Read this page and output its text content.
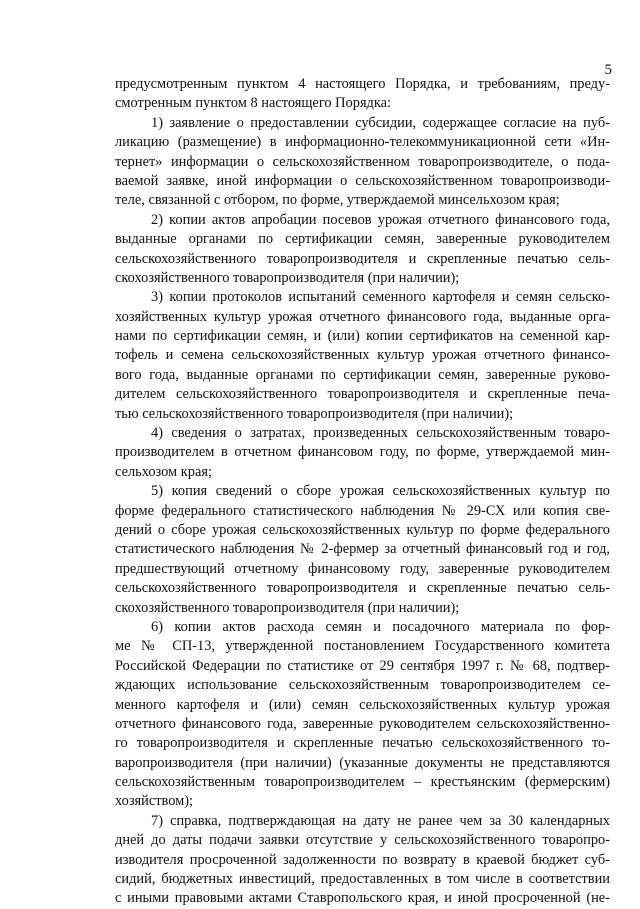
5
предусмотренным пунктом 4 настоящего Порядка, и требованиям, преду-
смотренным пунктом 8 настоящего Порядка:
1) заявление о предоставлении субсидии, содержащее согласие на пуб-
ликацию (размещение) в информационно-телекоммуникационной сети «Ин-
тернет» информации о сельскохозяйственном товаропроизводителе, о пода-
ваемой заявке, иной информации о сельскохозяйственном товаропроизводи-
теле, связанной с отбором, по форме, утверждаемой минсельхозом края;
2) копии актов апробации посевов урожая отчетного финансового года,
выданные органами по сертификации семян, заверенные руководителем
сельскохозяйственного товаропроизводителя и скрепленные печатью сель-
скохозяйственного товаропроизводителя (при наличии);
3) копии протоколов испытаний семенного картофеля и семян сельско-
хозяйственных культур урожая отчетного финансового года, выданные орга-
нами по сертификации семян, и (или) копии сертификатов на семенной кар-
тофель и семена сельскохозяйственных культур урожая отчетного финансо-
вого года, выданные органами по сертификации семян, заверенные руково-
дителем сельскохозяйственного товаропроизводителя и скрепленные печа-
тью сельскохозяйственного товаропроизводителя (при наличии);
4) сведения о затратах, произведенных сельскохозяйственным товаро-
производителем в отчетном финансовом году, по форме, утверждаемой мин-
сельхозом края;
5) копия сведений о сборе урожая сельскохозяйственных культур по
форме федерального статистического наблюдения № 29-СХ или копия све-
дений о сборе урожая сельскохозяйственных культур по форме федерального
статистического наблюдения № 2-фермер за отчетный финансовый год и год,
предшествующий отчетному финансовому году, заверенные руководителем
сельскохозяйственного товаропроизводителя и скрепленные печатью сель-
скохозяйственного товаропроизводителя (при наличии);
6) копии актов расхода семян и посадочного материала по фор-
ме № СП-13, утвержденной постановлением Государственного комитета
Российской Федерации по статистике от 29 сентября 1997 г. № 68, подтвер-
ждающих использование сельскохозяйственным товаропроизводителем се-
менного картофеля и (или) семян сельскохозяйственных культур урожая
отчетного финансового года, заверенные руководителем сельскохозяйственно-
го товаропроизводителя и скрепленные печатью сельскохозяйственного то-
варопроизводителя (при наличии) (указанные документы не представляются
сельскохозяйственным товаропроизводителем – крестьянским (фермерским)
хозяйством);
7) справка, подтверждающая на дату не ранее чем за 30 календарных
дней до даты подачи заявки отсутствие у сельскохозяйственного товаропро-
изводителя просроченной задолженности по возврату в краевой бюджет суб-
сидий, бюджетных инвестиций, предоставленных в том числе в соответствии
с иными правовыми актами Ставропольского края, и иной просроченной (не-
